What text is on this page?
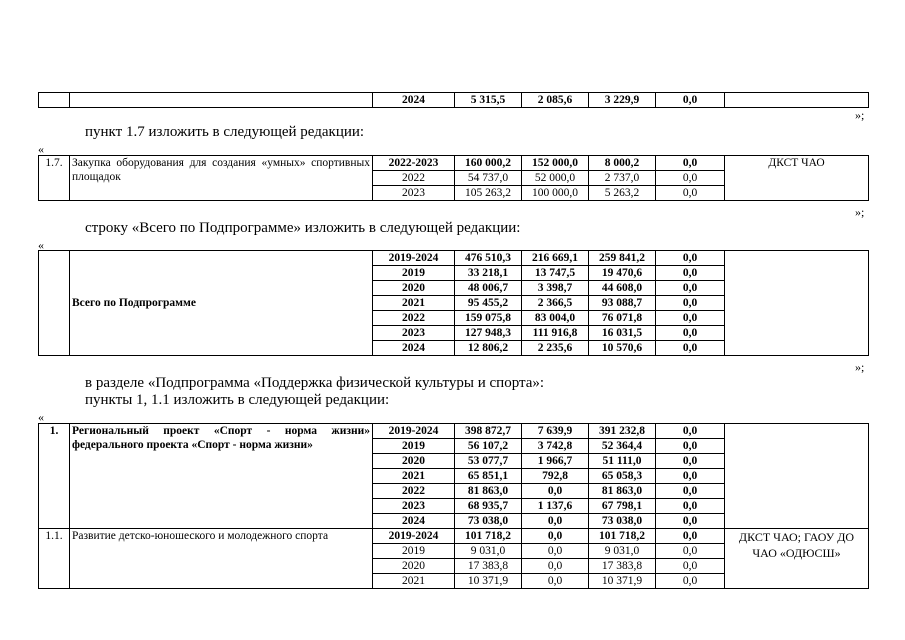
		2024	5 315,5	2 085,6	3 229,9	0,0	
»;
пункт 1.7 изложить в следующей редакции:
«
1.7.	Закупка оборудования для создания «умных» спортивных площадок	2022-2023	160 000,2	152 000,0	8 000,2	0,0	ДКСТ ЧАО
		2022	54 737,0	52 000,0	2 737,0	0,0	
		2023	105 263,2	100 000,0	5 263,2	0,0	
»;
строку «Всего по Подпрограмме» изложить в следующей редакции:
«
	Всего по Подпрограмме	2019-2024	476 510,3	216 669,1	259 841,2	0,0	
		2019	33 218,1	13 747,5	19 470,6	0,0	
		2020	48 006,7	3 398,7	44 608,0	0,0	
		2021	95 455,2	2 366,5	93 088,7	0,0	
		2022	159 075,8	83 004,0	76 071,8	0,0	
		2023	127 948,3	111 916,8	16 031,5	0,0	
		2024	12 806,2	2 235,6	10 570,6	0,0	
»;
в разделе «Подпрограмма «Поддержка физической культуры и спорта»:
пункты 1, 1.1 изложить в следующей редакции:
«
1.	Региональный проект «Спорт - норма жизни» федерального проекта «Спорт - норма жизни»	2019-2024	398 872,7	7 639,9	391 232,8	0,0	
		2019	56 107,2	3 742,8	52 364,4	0,0	
		2020	53 077,7	1 966,7	51 111,0	0,0	
		2021	65 851,1	792,8	65 058,3	0,0	
		2022	81 863,0	0,0	81 863,0	0,0	
		2023	68 935,7	1 137,6	67 798,1	0,0	
		2024	73 038,0	0,0	73 038,0	0,0	
1.1.	Развитие детско-юношеского и молодежного спорта	2019-2024	101 718,2	0,0	101 718,2	0,0	ДКСТ ЧАО; ГАОУ ДО ЧАО «ОДЮСШ»
		2019	9 031,0	0,0	9 031,0	0,0	
		2020	17 383,8	0,0	17 383,8	0,0	
		2021	10 371,9	0,0	10 371,9	0,0	
